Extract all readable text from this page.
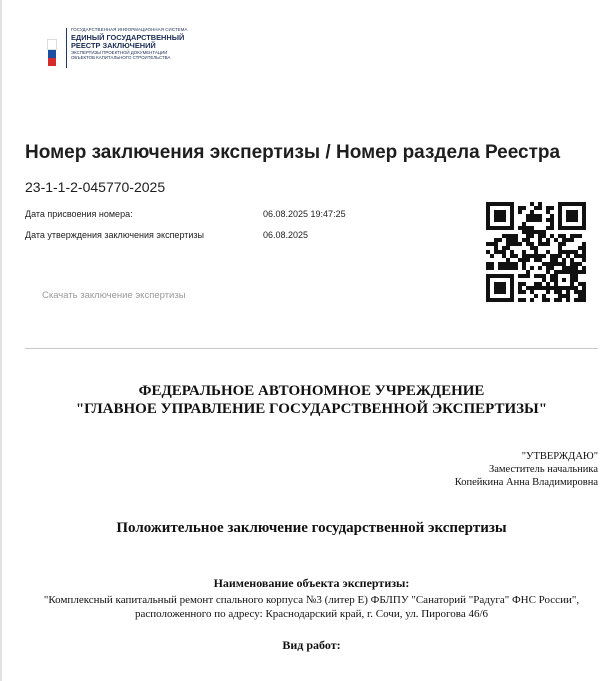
ГОСУДАРСТВЕННАЯ ИНФОРМАЦИОННАЯ СИСТЕМА
ЕДИНЫЙ ГОСУДАРСТВЕННЫЙ
РЕЕСТР ЗАКЛЮЧЕНИЙ
ЭКСПЕРТИЗЫ ПРОЕКТНОЙ ДОКУМЕНТАЦИИ
ОБЪЕКТОВ КАПИТАЛЬНОГО СТРОИТЕЛЬСТВА
Номер заключения экспертизы / Номер раздела Реестра
23-1-1-2-045770-2025
Дата присвоения номера:	06.08.2025 19:47:25
Дата утверждения заключения экспертизы	06.08.2025
Скачать заключение экспертизы
ФЕДЕРАЛЬНОЕ АВТОНОМНОЕ УЧРЕЖДЕНИЕ
"ГЛАВНОЕ УПРАВЛЕНИЕ ГОСУДАРСТВЕННОЙ ЭКСПЕРТИЗЫ"
"УТВЕРЖДАЮ"
Заместитель начальника
Копейкина Анна Владимировна
Положительное заключение государственной экспертизы
Наименование объекта экспертизы:
"Комплексный капитальный ремонт спального корпуса №3 (литер Е) ФБЛПУ "Санаторий "Радуга" ФНС России",
расположенного по адресу: Краснодарский край, г. Сочи, ул. Пирогова 46/6
Вид работ:
